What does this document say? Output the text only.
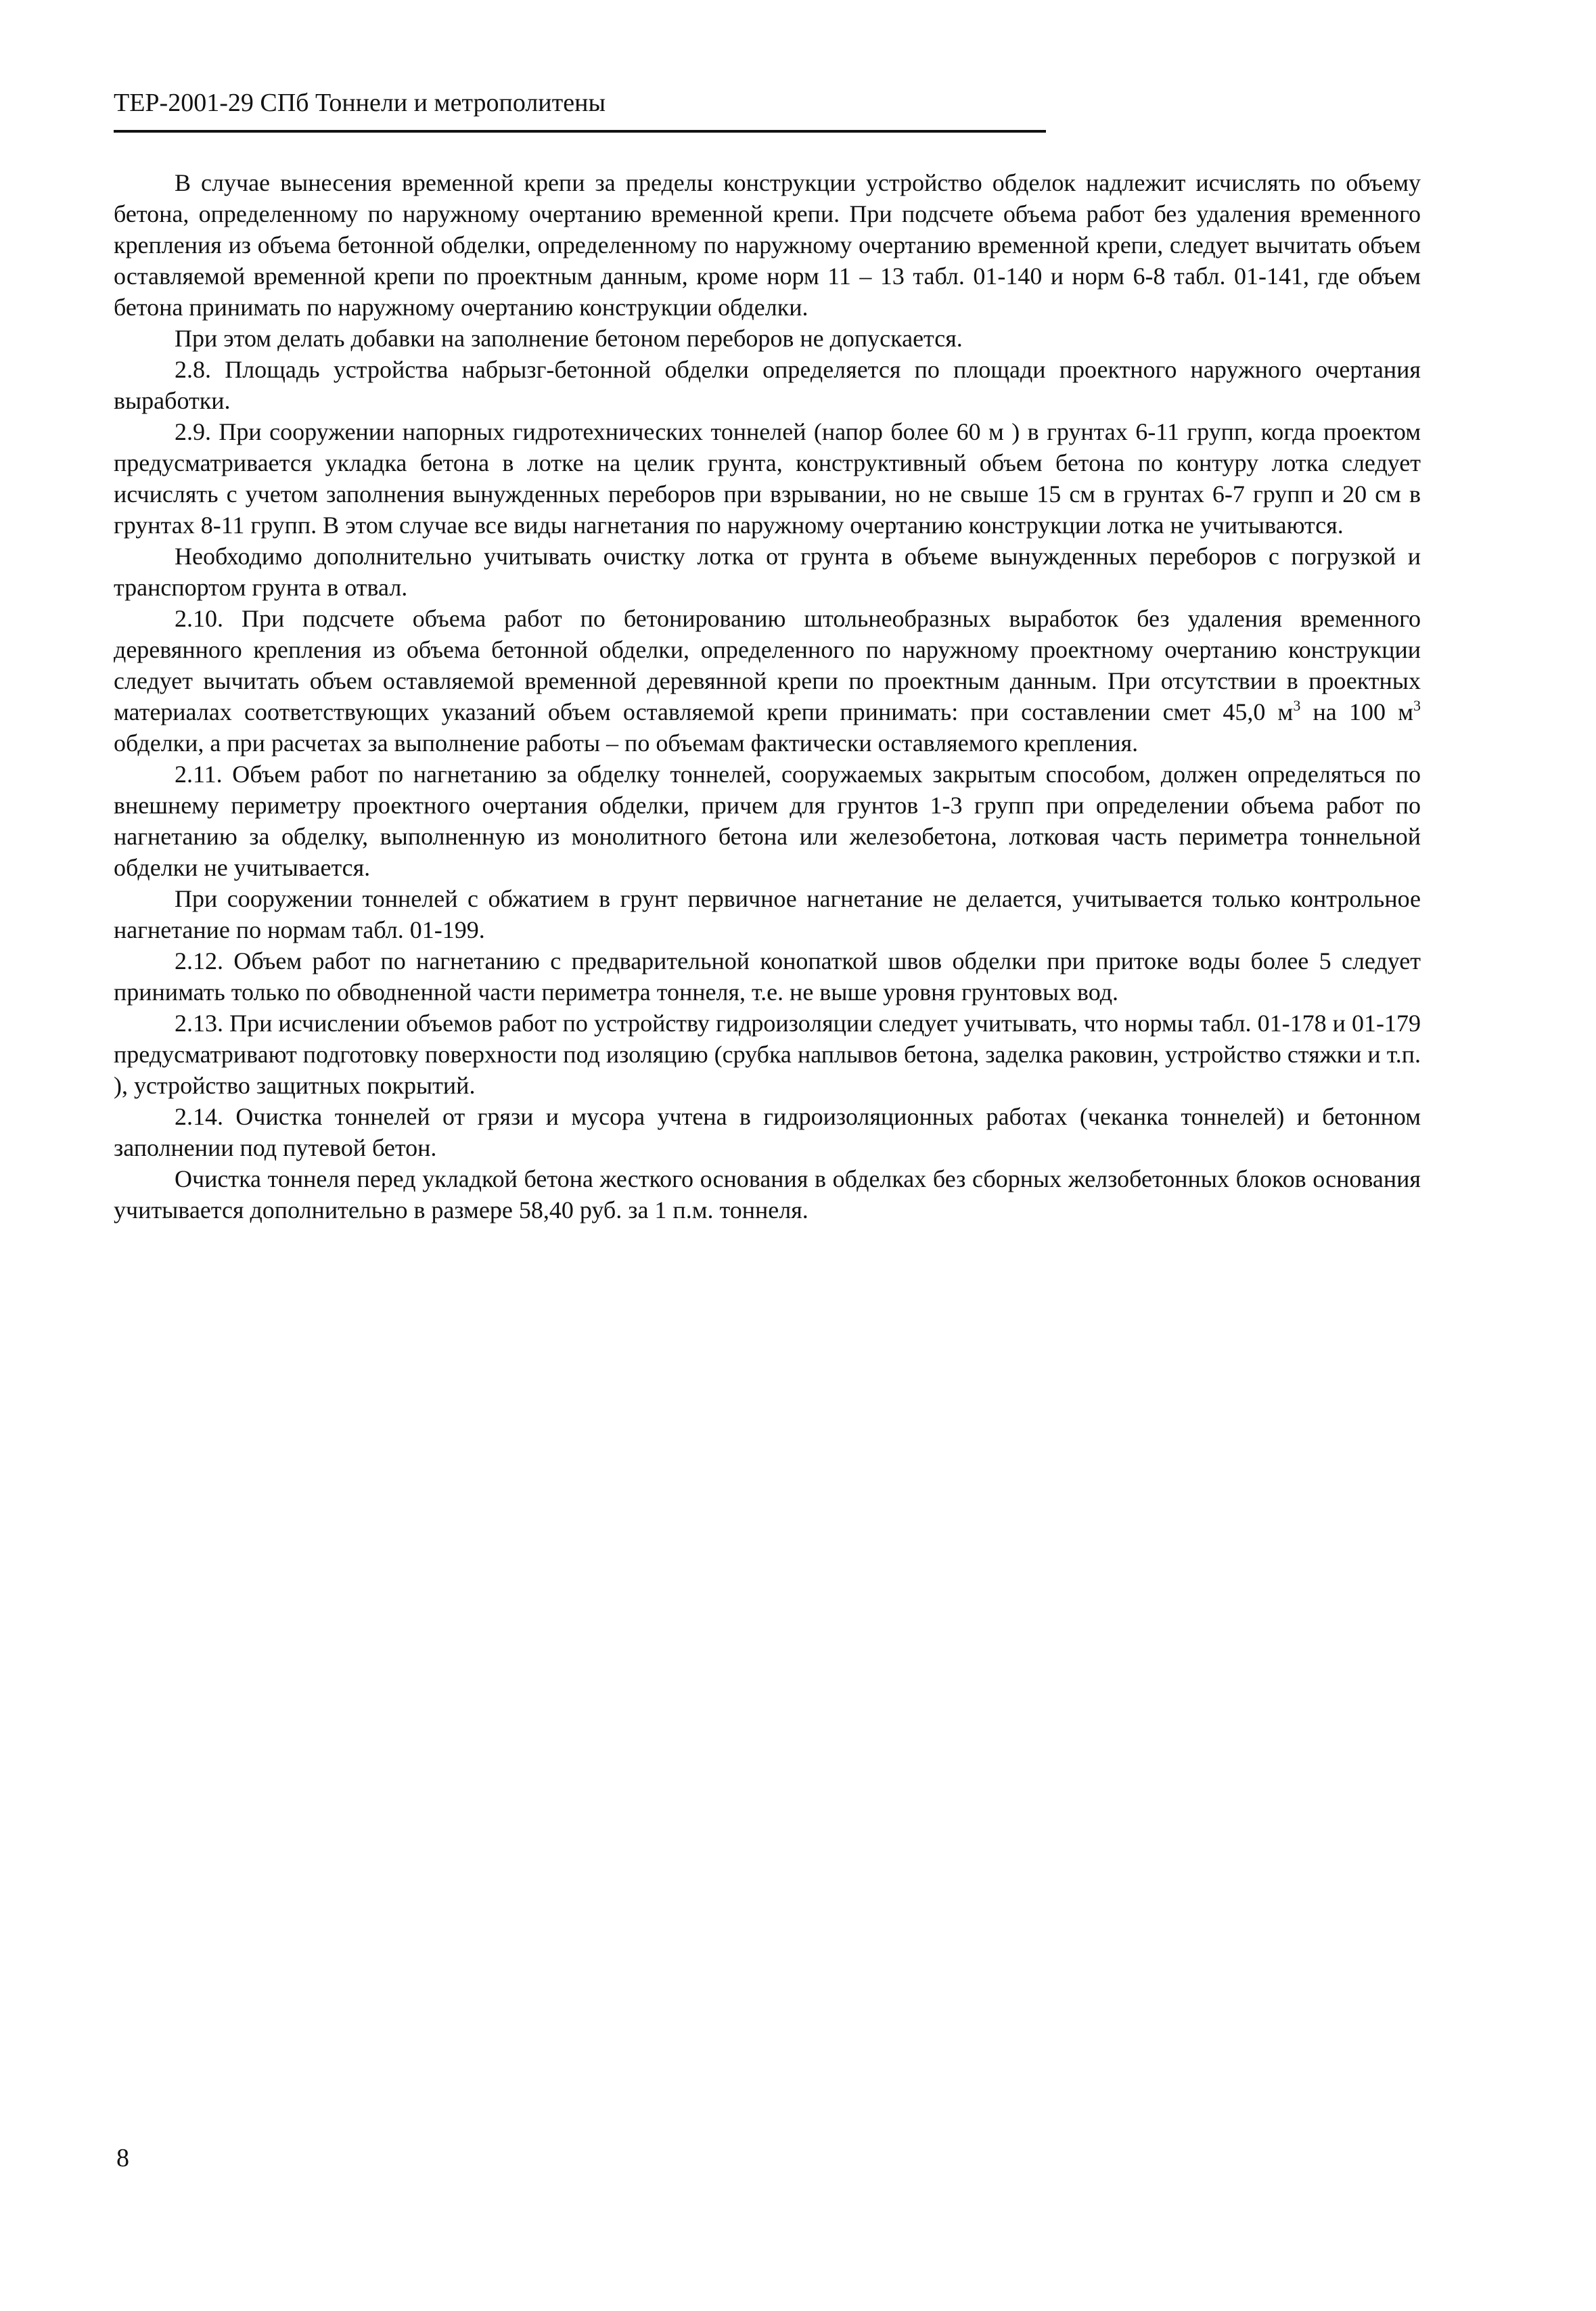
ТЕР-2001-29 СПб Тоннели и метрополитены

В случае вынесения временной крепи за пределы конструкции устройство обделок надлежит исчислять по объему бетона, определенному по наружному очертанию временной крепи. При подсчете объема работ без удаления временного крепления из объема бетонной обделки, определенному по наружному очертанию временной крепи, следует вычитать объем оставляемой временной крепи по проектным данным, кроме норм 11 – 13 табл. 01-140 и норм 6-8 табл. 01-141, где объем бетона принимать по наружному очертанию конструкции обделки.

При этом делать добавки на заполнение бетоном переборов не допускается.

2.8. Площадь устройства набрызг-бетонной обделки определяется по площади проектного наружного очертания выработки.

2.9. При сооружении напорных гидротехнических тоннелей (напор более 60 м ) в грунтах 6-11 групп, когда проектом предусматривается укладка бетона в лотке на целик грунта, конструктивный объем бетона по контуру лотка следует исчислять с учетом заполнения вынужденных переборов при взрывании, но не свыше 15 см в грунтах 6-7 групп и 20 см в грунтах 8-11 групп. В этом случае все виды нагнетания по наружному очертанию конструкции лотка не учитываются.

Необходимо дополнительно учитывать очистку лотка от грунта в объеме вынужденных переборов с погрузкой и транспортом грунта в отвал.

2.10. При подсчете объема работ по бетонированию штольнеобразных выработок без удаления временного деревянного крепления из объема бетонной обделки, определенного по наружному проектному очертанию конструкции следует вычитать объем оставляемой временной деревянной крепи по проектным данным. При отсутствии в проектных материалах соответствующих указаний объем оставляемой крепи принимать: при составлении смет 45,0 $м^3$ на 100 $м^3$ обделки, а при расчетах за выполнение работы – по объемам фактически оставляемого крепления.

2.11. Объем работ по нагнетанию за обделку тоннелей, сооружаемых закрытым способом, должен определяться по внешнему периметру проектного очертания обделки, причем для грунтов 1-3 групп при определении объема работ по нагнетанию за обделку, выполненную из монолитного бетона или железобетона, лотковая часть периметра тоннельной обделки не учитывается.

При сооружении тоннелей с обжатием в грунт первичное нагнетание не делается, учитывается только контрольное нагнетание по нормам табл. 01-199.

2.12. Объем работ по нагнетанию с предварительной конопаткой швов обделки при притоке воды более 5 следует принимать только по обводненной части периметра тоннеля, т.е. не выше уровня грунтовых вод.

2.13. При исчислении объемов работ по устройству гидроизоляции следует учитывать, что нормы табл. 01-178 и 01-179 предусматривают подготовку поверхности под изоляцию (срубка наплывов бетона, заделка раковин, устройство стяжки и т.п. ), устройство защитных покрытий.

2.14. Очистка тоннелей от грязи и мусора учтена в гидроизоляционных работах (чеканка тоннелей) и бетонном заполнении под путевой бетон.

Очистка тоннеля перед укладкой бетона жесткого основания в обделках без сборных желзобетонных блоков основания учитывается дополнительно в размере 58,40 руб. за 1 п.м. тоннеля.

8
